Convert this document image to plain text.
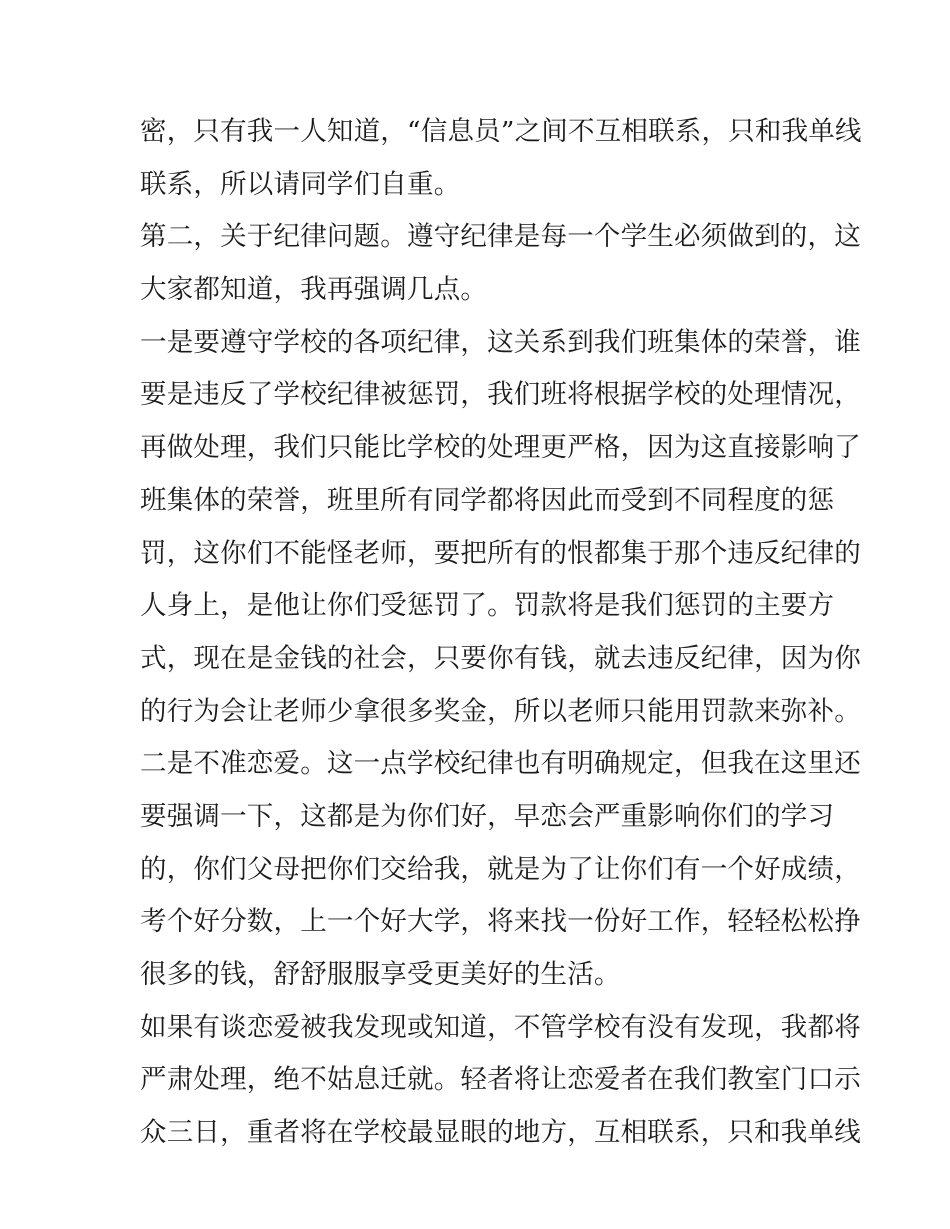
密，只有我一人知道，“信息员”之间不互相联系，只和我单线
联系，所以请同学们自重。
第二，关于纪律问题。遵守纪律是每一个学生必须做到的，这
大家都知道，我再强调几点。
一是要遵守学校的各项纪律，这关系到我们班集体的荣誉，谁
要是违反了学校纪律被惩罚，我们班将根据学校的处理情况，
再做处理，我们只能比学校的处理更严格，因为这直接影响了
班集体的荣誉，班里所有同学都将因此而受到不同程度的惩
罚，这你们不能怪老师，要把所有的恨都集于那个违反纪律的
人身上，是他让你们受惩罚了。罚款将是我们惩罚的主要方
式，现在是金钱的社会，只要你有钱，就去违反纪律，因为你
的行为会让老师少拿很多奖金，所以老师只能用罚款来弥补。
二是不准恋爱。这一点学校纪律也有明确规定，但我在这里还
要强调一下，这都是为你们好，早恋会严重影响你们的学习
的，你们父母把你们交给我，就是为了让你们有一个好成绩，
考个好分数，上一个好大学，将来找一份好工作，轻轻松松挣
很多的钱，舒舒服服享受更美好的生活。
如果有谈恋爱被我发现或知道，不管学校有没有发现，我都将
严肃处理，绝不姑息迁就。轻者将让恋爱者在我们教室门口示
众三日，重者将在学校最显眼的地方，互相联系，只和我单线
